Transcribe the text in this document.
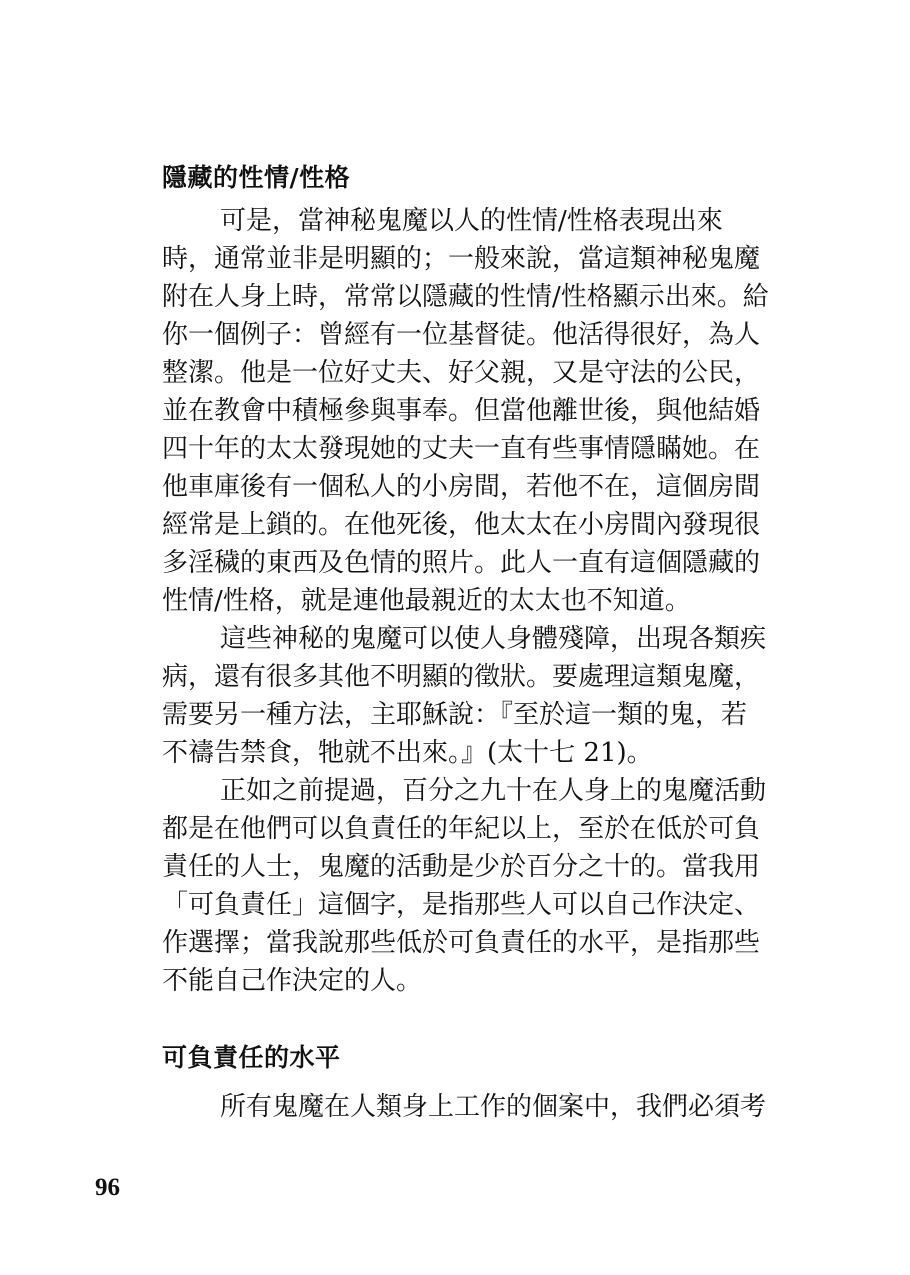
隱藏的性情/性格

可是，當神秘鬼魔以人的性情/性格表現出來
時，通常並非是明顯的；一般來說，當這類神秘鬼魔
附在人身上時，常常以隱藏的性情/性格顯示出來。給
你一個例子：曾經有一位基督徒。他活得很好，為人
整潔。他是一位好丈夫、好父親，又是守法的公民，
並在教會中積極參與事奉。但當他離世後，與他結婚
四十年的太太發現她的丈夫一直有些事情隱瞞她。在
他車庫後有一個私人的小房間，若他不在，這個房間
經常是上鎖的。在他死後，他太太在小房間內發現很
多淫穢的東西及色情的照片。此人一直有這個隱藏的
性情/性格，就是連他最親近的太太也不知道。

這些神秘的鬼魔可以使人身體殘障，出現各類疾
病，還有很多其他不明顯的徵狀。要處理這類鬼魔，
需要另一種方法，主耶穌說：『至於這一類的鬼，若
不禱告禁食，牠就不出來。』(太十七 21)。

正如之前提過，百分之九十在人身上的鬼魔活動
都是在他們可以負責任的年紀以上，至於在低於可負
責任的人士，鬼魔的活動是少於百分之十的。當我用
「可負責任」這個字，是指那些人可以自己作決定、
作選擇；當我說那些低於可負責任的水平，是指那些
不能自己作決定的人。

可負責任的水平

所有鬼魔在人類身上工作的個案中，我們必須考

96
